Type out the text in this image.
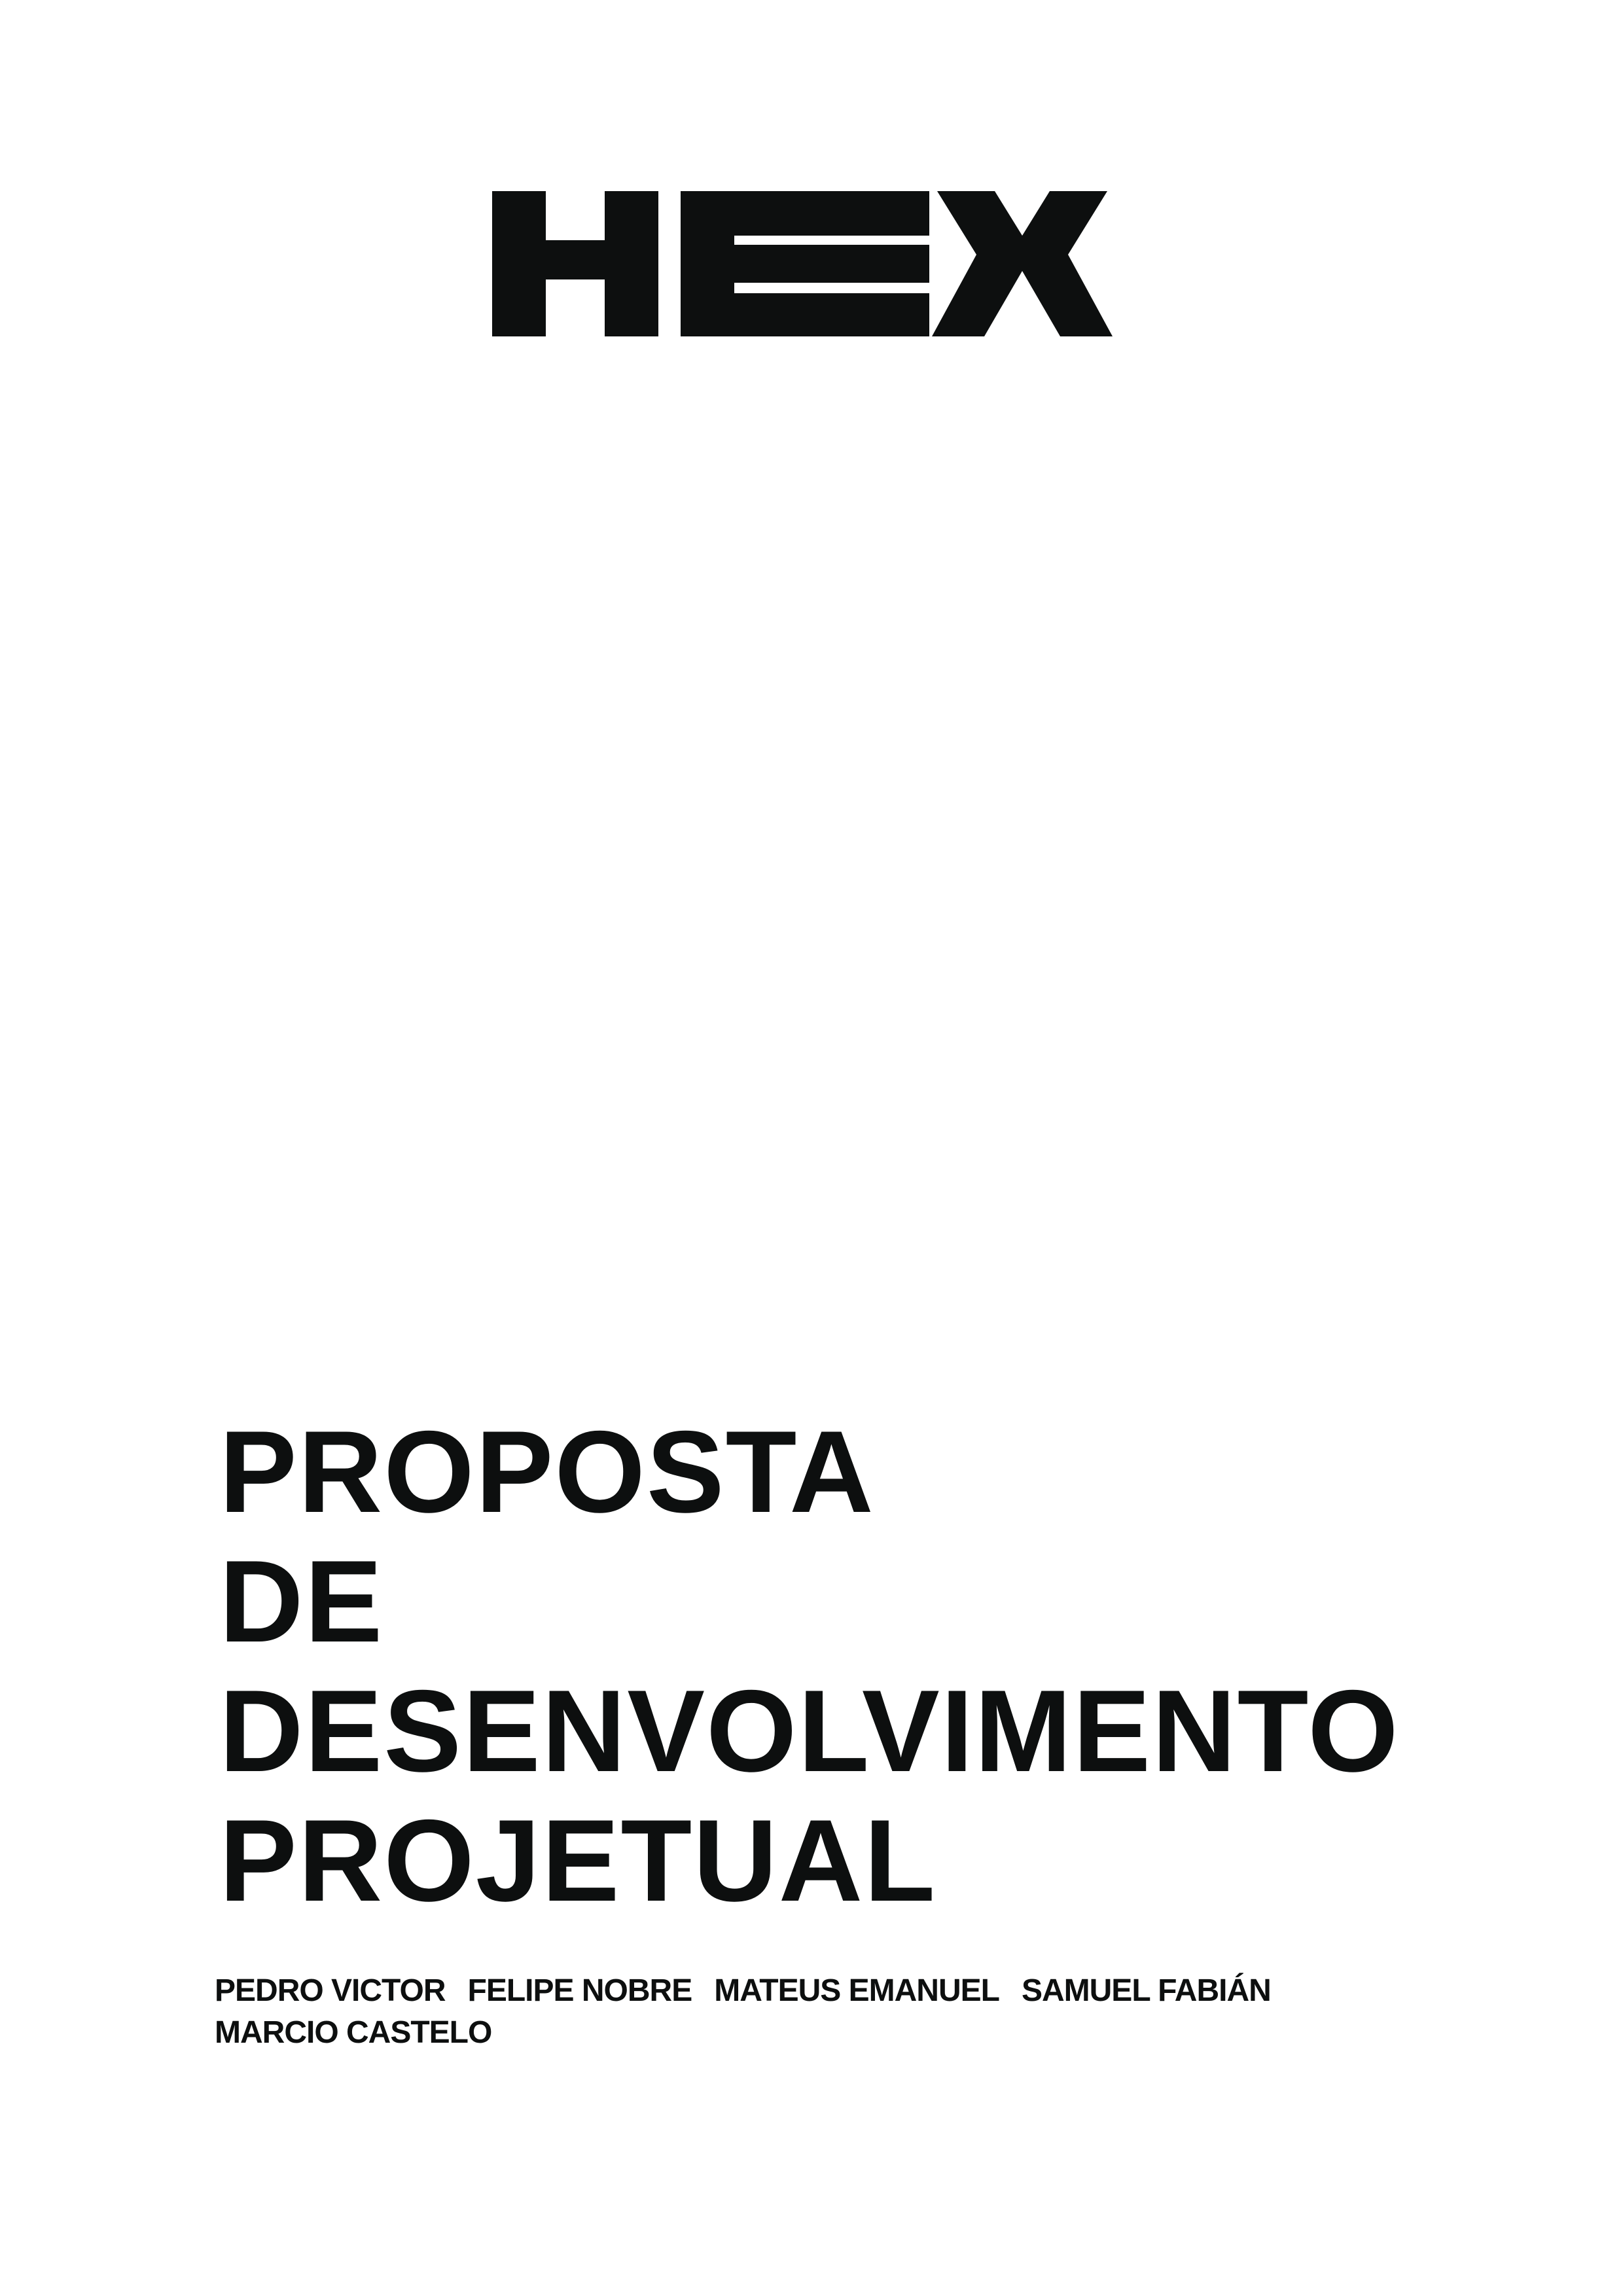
PROPOSTA
DE
DESENVOLVIMENTO
PROJETUAL
PEDRO VICTOR FELIPE NOBRE MATEUS EMANUEL SAMUEL FABIÁN
MARCIO CASTELO
